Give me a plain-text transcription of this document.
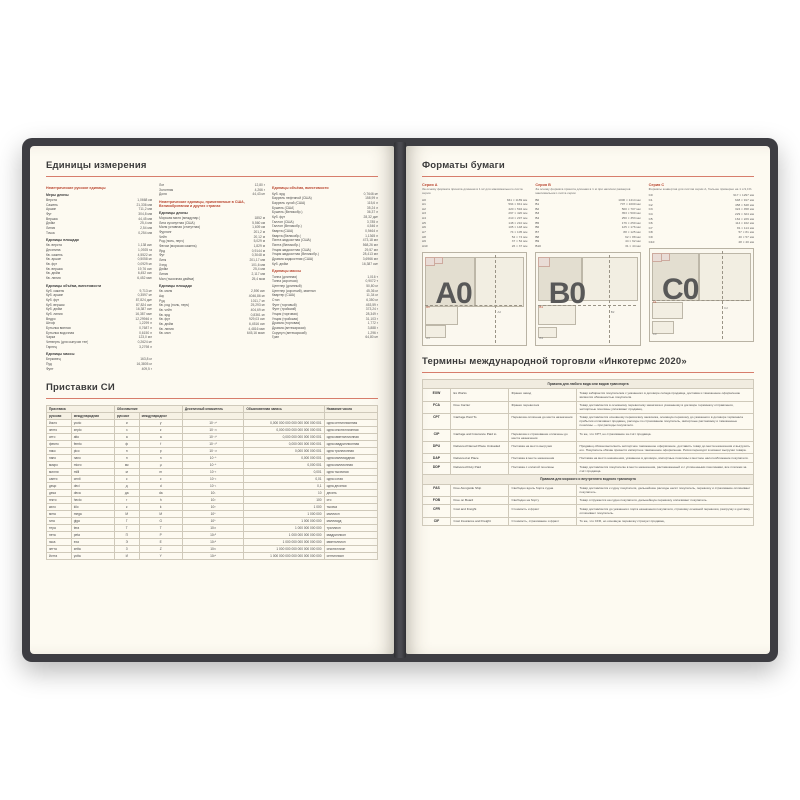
Единицы измерения
Неметрические русские единицы
Меры длины
Верста	1,0668 км
Сажень	21,336 мм
Аршин	711,2 мм
Фут	304,8 мм
Вершок	44,45 мм
Дюйм	25,4 мм
Линия	2,54 мм
Точка	0,254 мм
Единицы площади
Кв. верста	1,138 км²
Десятина	1,0925 га
Кв. сажень	4,5522 м²
Кв. аршин	0,5058 м²
Кв. фут	0,0929 м²
Кв. вершок	19,76 см²
Кв. дюйм	6,452 см²
Кв. линия	6,452 мм²
Единицы объёма, вместимости
Куб. сажень	9,713 м³
Куб. аршин	0,3597 м³
Куб. фут	87,824 дм³
Куб. вершок	87,824 см³
Куб. дюйм	16,387 см³
Куб. линия	16,387 мм³
Ведро	12,29946 л
Штоф	1,2299 л
Бутылка винная	0,7687 л
Бутылка водочная	0,6150 л
Чарка	123,0 мл
Четверть (для сыпучих тел)	0,2624 м³
Гарнец	3,2798 л
Единицы массы
Берковец	163,8 кг
Пуд	16,3805 кг
Фунт	409,5 г
Лот	12,80 г
Золотник	4,266 г
Доля	44,43 мг
Неметрические единицы, применяемые в США, Великобритании и других странах
Единицы длины
Морская миля (междунар.)	1852 м
Лига сухопутная (США)	5,560 км
Миля уставная (статутная)	1,609 км
Фурлонг	201,2 м
Чейн	20,12 м
Род (поль, перч)	5,029 м
Фатом (морская сажень)	1,829 м
Ярд	0,9144 м
Фут	0,3048 м
Линк	201,17 мм
Хэнд	101,6 мм
Дюйм	25,4 мм
Линия	2,117 мм
Мил (тысячная дюйма)	25,4 мкм
Единицы площади
Кв. миля	2,590 км²
Акр	4046,86 м²
Руд	1011,7 м²
Кв. род (поль, перч)	25,293 м²
Кв. чейн	404,69 м²
Кв. ярд	0,8361 м²
Кв. фут	929,03 см²
Кв. дюйм	6,4516 см²
Кв. линия	4,4816 мм²
Кв. мил	645,16 мкм²
Единицы объёма, вместимости
Куб. ярд	0,7646 м³
Баррель нефтяной (США)	158,99 л
Баррель сухой (США)	115,6 л
Бушель (США)	35,24 л
Бушель (Великобр.)	36,37 л
Куб. фут	28,32 дм³
Галлон (США)	3,785 л
Галлон (Великобр.)	4,546 л
Кварта (США)	0,9464 л
Кварта (Великобр.)	1,1365 л
Пинта жидкостная (США)	473,18 мл
Пинта (Великобр.)	568,26 мл
Унция жидкостная (США)	29,57 мл
Унция жидкостная (Великобр.)	28,413 мл
Драхма жидкостная (США)	3,6966 мл
Куб. дюйм	16,387 см³
Единицы массы
Тонна (длинная)	1,016 т
Тонна (короткая)	0,9072 т
Центнер (длинный)	50,80 кг
Центнер (короткий), квинтал	45,36 кг
Квартер (США)	11,34 кг
Стон	6,350 кг
Фунт (торговый)	453,59 г
Фунт (тройский)	373,24 г
Унция (торговая)	28,349 г
Унция (тройская)	31,103 г
Драхма (торговая)	1,772 г
Драхма (аптекарская)	3,888 г
Скрупул (аптекарский)	1,296 г
Гран	64,80 мг
Приставки СИ
Приставка		Обозначение		Десятичный множитель	Обыкновенная запись	Название числа
русская	международная	русское	международное			
йокто	yocto	и	y	10⁻²⁴	0,000 000 000 000 000 000 000 001	одна септиллионная
зепто	zepto	з	z	10⁻²¹	0,000 000 000 000 000 000 001	одна секстиллионная
атто	atto	а	a	10⁻¹⁸	0,000 000 000 000 000 001	одна квинтиллионная
фемто	femto	ф	f	10⁻¹⁵	0,000 000 000 000 001	одна квадриллионная
пико	pico	п	p	10⁻¹²	0,000 000 000 001	одна триллионная
нано	nano	н	n	10⁻⁹	0,000 000 001	одна миллиардная
микро	micro	мк	µ	10⁻⁶	0,000 001	одна миллионная
милли	milli	м	m	10⁻³	0,001	одна тысячная
санти	centi	с	c	10⁻²	0,01	одна сотая
деци	deci	д	d	10⁻¹	0,1	одна десятая
дека	deca	да	da	10¹	10	десять
гекто	hecto	г	h	10²	100	сто
кило	kilo	к	k	10³	1 000	тысяча
мега	mega	М	M	10⁶	1 000 000	миллион
гига	giga	Г	G	10⁹	1 000 000 000	миллиард
тера	tera	Т	T	10¹²	1 000 000 000 000	триллион
пета	peta	П	P	10¹⁵	1 000 000 000 000 000	квадриллион
экса	exa	Э	E	10¹⁸	1 000 000 000 000 000 000	квинтиллион
зетта	zetta	З	Z	10²¹	1 000 000 000 000 000 000 000	секстиллион
йотта	yotta	И	Y	10²⁴	1 000 000 000 000 000 000 000 000	септиллион
Форматы бумаги
Серия A
За основу формата принята длинная в 1 м² для максимального листа серии
A0	841 × 1189 мм
A1	594 × 841 мм
A2	420 × 594 мм
A3	297 × 420 мм
A4	210 × 297 мм
A5	148 × 210 мм
A6	105 × 148 мм
A7	74 × 105 мм
A8	52 × 74 мм
A9	37 × 52 мм
A10	26 × 37 мм
A0
A1
A2
A3
Серия B
За основу формата принята длинная в 1 м при наличии размеров максимального листа серии
B0	1000 × 1414 мм
B1	707 × 1000 мм
B2	500 × 707 мм
B3	353 × 500 мм
B4	250 × 353 мм
B5	176 × 250 мм
B6	125 × 176 мм
B7	88 × 125 мм
B8	62 × 88 мм
B9	44 × 62 мм
B10	31 × 44 мм
B0
B1
B2
B3
Серия C
Форматы конвертов для листов серии A, больше примерно на 1 и 9,1%
C0	917 × 1297 мм
C1	648 × 917 мм
C2	458 × 648 мм
C3	324 × 458 мм
C4	229 × 324 мм
C5	162 × 229 мм
C6	114 × 162 мм
C7	81 × 114 мм
C8	57 × 81 мм
C9	40 × 57 мм
C10	28 × 40 мм
C0
C1
C2
C3
Термины международной торговли «Инкотермс 2020»
Правила для любого вида или видов транспорта			
EXW	Ex Works	Франко завод	Товар забирается покупателем с указанного в договоре склада продавца, доставка и таможенное оформление являются обязанностью покупателя.
FCA	Free Carrier	Франко перевозчик	Товар доставляется в основному перевозчику заказчика и указанному в договоре терминалу отправления, экспортные пошлины уплачивает продавец.
CPT	Carriage Paid To	Перевозка оплачена до места назначения	Товар доставляется основному перевозчику заказчика, основную перевозку до указанного в договоре терминала прибытия оплачивает продавец, расходы по страхованию покупатель, импортные растаможку и таможенные пошлины — при расходы покупателя.
CIP	Carriage and Insurance Paid to	Перевозка и страхование оплачены до места назначения	То же, что CPT, но страхование за счёт продавца.
DPU	Delivered Named Place Unloaded	Поставка на место выгрузки	Продавец обязан выполнить экспортное таможенное оформление, доставить товар до места назначения и выгрузить его. Покупатель обязан провести импортное таможенное оформление. Риски переходят в момент выгрузки товара.
DAP	Delivered at Place	Поставка в месте назначения	Поставка на место назначения, указанное в договоре, импортные пошлины и местное налогообложение покупателя.
DDP	Delivered Duty Paid	Поставка с оплатой пошлины	Товар доставляется покупателю в место назначения, растаможенный и с уплаченными пошлинами, все платежи за счёт продавца.
Правила для морского и внутреннего водного транспорта			
FAS	Free Alongside Ship	Свободно вдоль борта судна	Товар доставляется к судну покупателя, дальнейшие расходы несёт покупатель, перевозку и страхование оплачивает покупатель.
FOB	Free on Board	Свободно на борту	Товар отгружается на судно покупателя, дальнейшую перевозку оплачивает покупатель.
CFR	Cost and Freight	Стоимость и фрахт	Товар доставляется до указанного порта назначения покупателя, страховку основной перевозки, разгрузку и доставку оплачивает покупатель.
CIF	Cost Insurance and Freight	Стоимость, страхование и фрахт	То же, что CFR, но основную перевозку страхует продавец.
